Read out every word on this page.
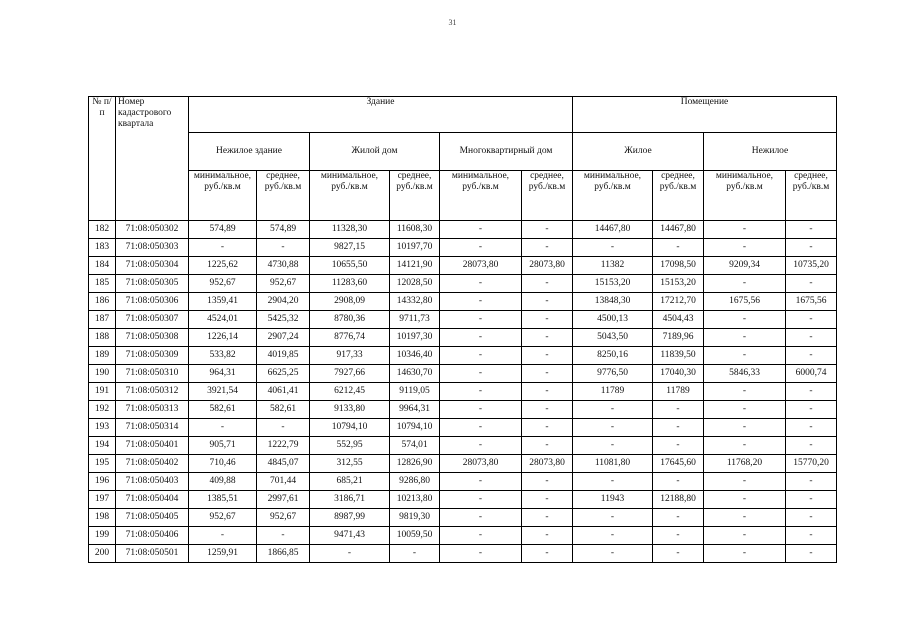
31
№ п/п	Номер кадастрового квартала	Здание						Помещение			
		Нежилое здание		Жилой дом		Многоквартирный дом		Жилое		Нежилое	
		минимальное, руб./кв.м	среднее, руб./кв.м	минимальное, руб./кв.м	среднее, руб./кв.м	минимальное, руб./кв.м	среднее, руб./кв.м	минимальное, руб./кв.м	среднее, руб./кв.м	минимальное, руб./кв.м	среднее, руб./кв.м
182	71:08:050302	574,89	574,89	11328,30	11608,30	-	-	14467,80	14467,80	-	-
183	71:08:050303	-	-	9827,15	10197,70	-	-	-	-	-	-
184	71:08:050304	1225,62	4730,88	10655,50	14121,90	28073,80	28073,80	11382	17098,50	9209,34	10735,20
185	71:08:050305	952,67	952,67	11283,60	12028,50	-	-	15153,20	15153,20	-	-
186	71:08:050306	1359,41	2904,20	2908,09	14332,80	-	-	13848,30	17212,70	1675,56	1675,56
187	71:08:050307	4524,01	5425,32	8780,36	9711,73	-	-	4500,13	4504,43	-	-
188	71:08:050308	1226,14	2907,24	8776,74	10197,30	-	-	5043,50	7189,96	-	-
189	71:08:050309	533,82	4019,85	917,33	10346,40	-	-	8250,16	11839,50	-	-
190	71:08:050310	964,31	6625,25	7927,66	14630,70	-	-	9776,50	17040,30	5846,33	6000,74
191	71:08:050312	3921,54	4061,41	6212,45	9119,05	-	-	11789	11789	-	-
192	71:08:050313	582,61	582,61	9133,80	9964,31	-	-	-	-	-	-
193	71:08:050314	-	-	10794,10	10794,10	-	-	-	-	-	-
194	71:08:050401	905,71	1222,79	552,95	574,01	-	-	-	-	-	-
195	71:08:050402	710,46	4845,07	312,55	12826,90	28073,80	28073,80	11081,80	17645,60	11768,20	15770,20
196	71:08:050403	409,88	701,44	685,21	9286,80	-	-	-	-	-	-
197	71:08:050404	1385,51	2997,61	3186,71	10213,80	-	-	11943	12188,80	-	-
198	71:08:050405	952,67	952,67	8987,99	9819,30	-	-	-	-	-	-
199	71:08:050406	-	-	9471,43	10059,50	-	-	-	-	-	-
200	71:08:050501	1259,91	1866,85	-	-	-	-	-	-	-	-
